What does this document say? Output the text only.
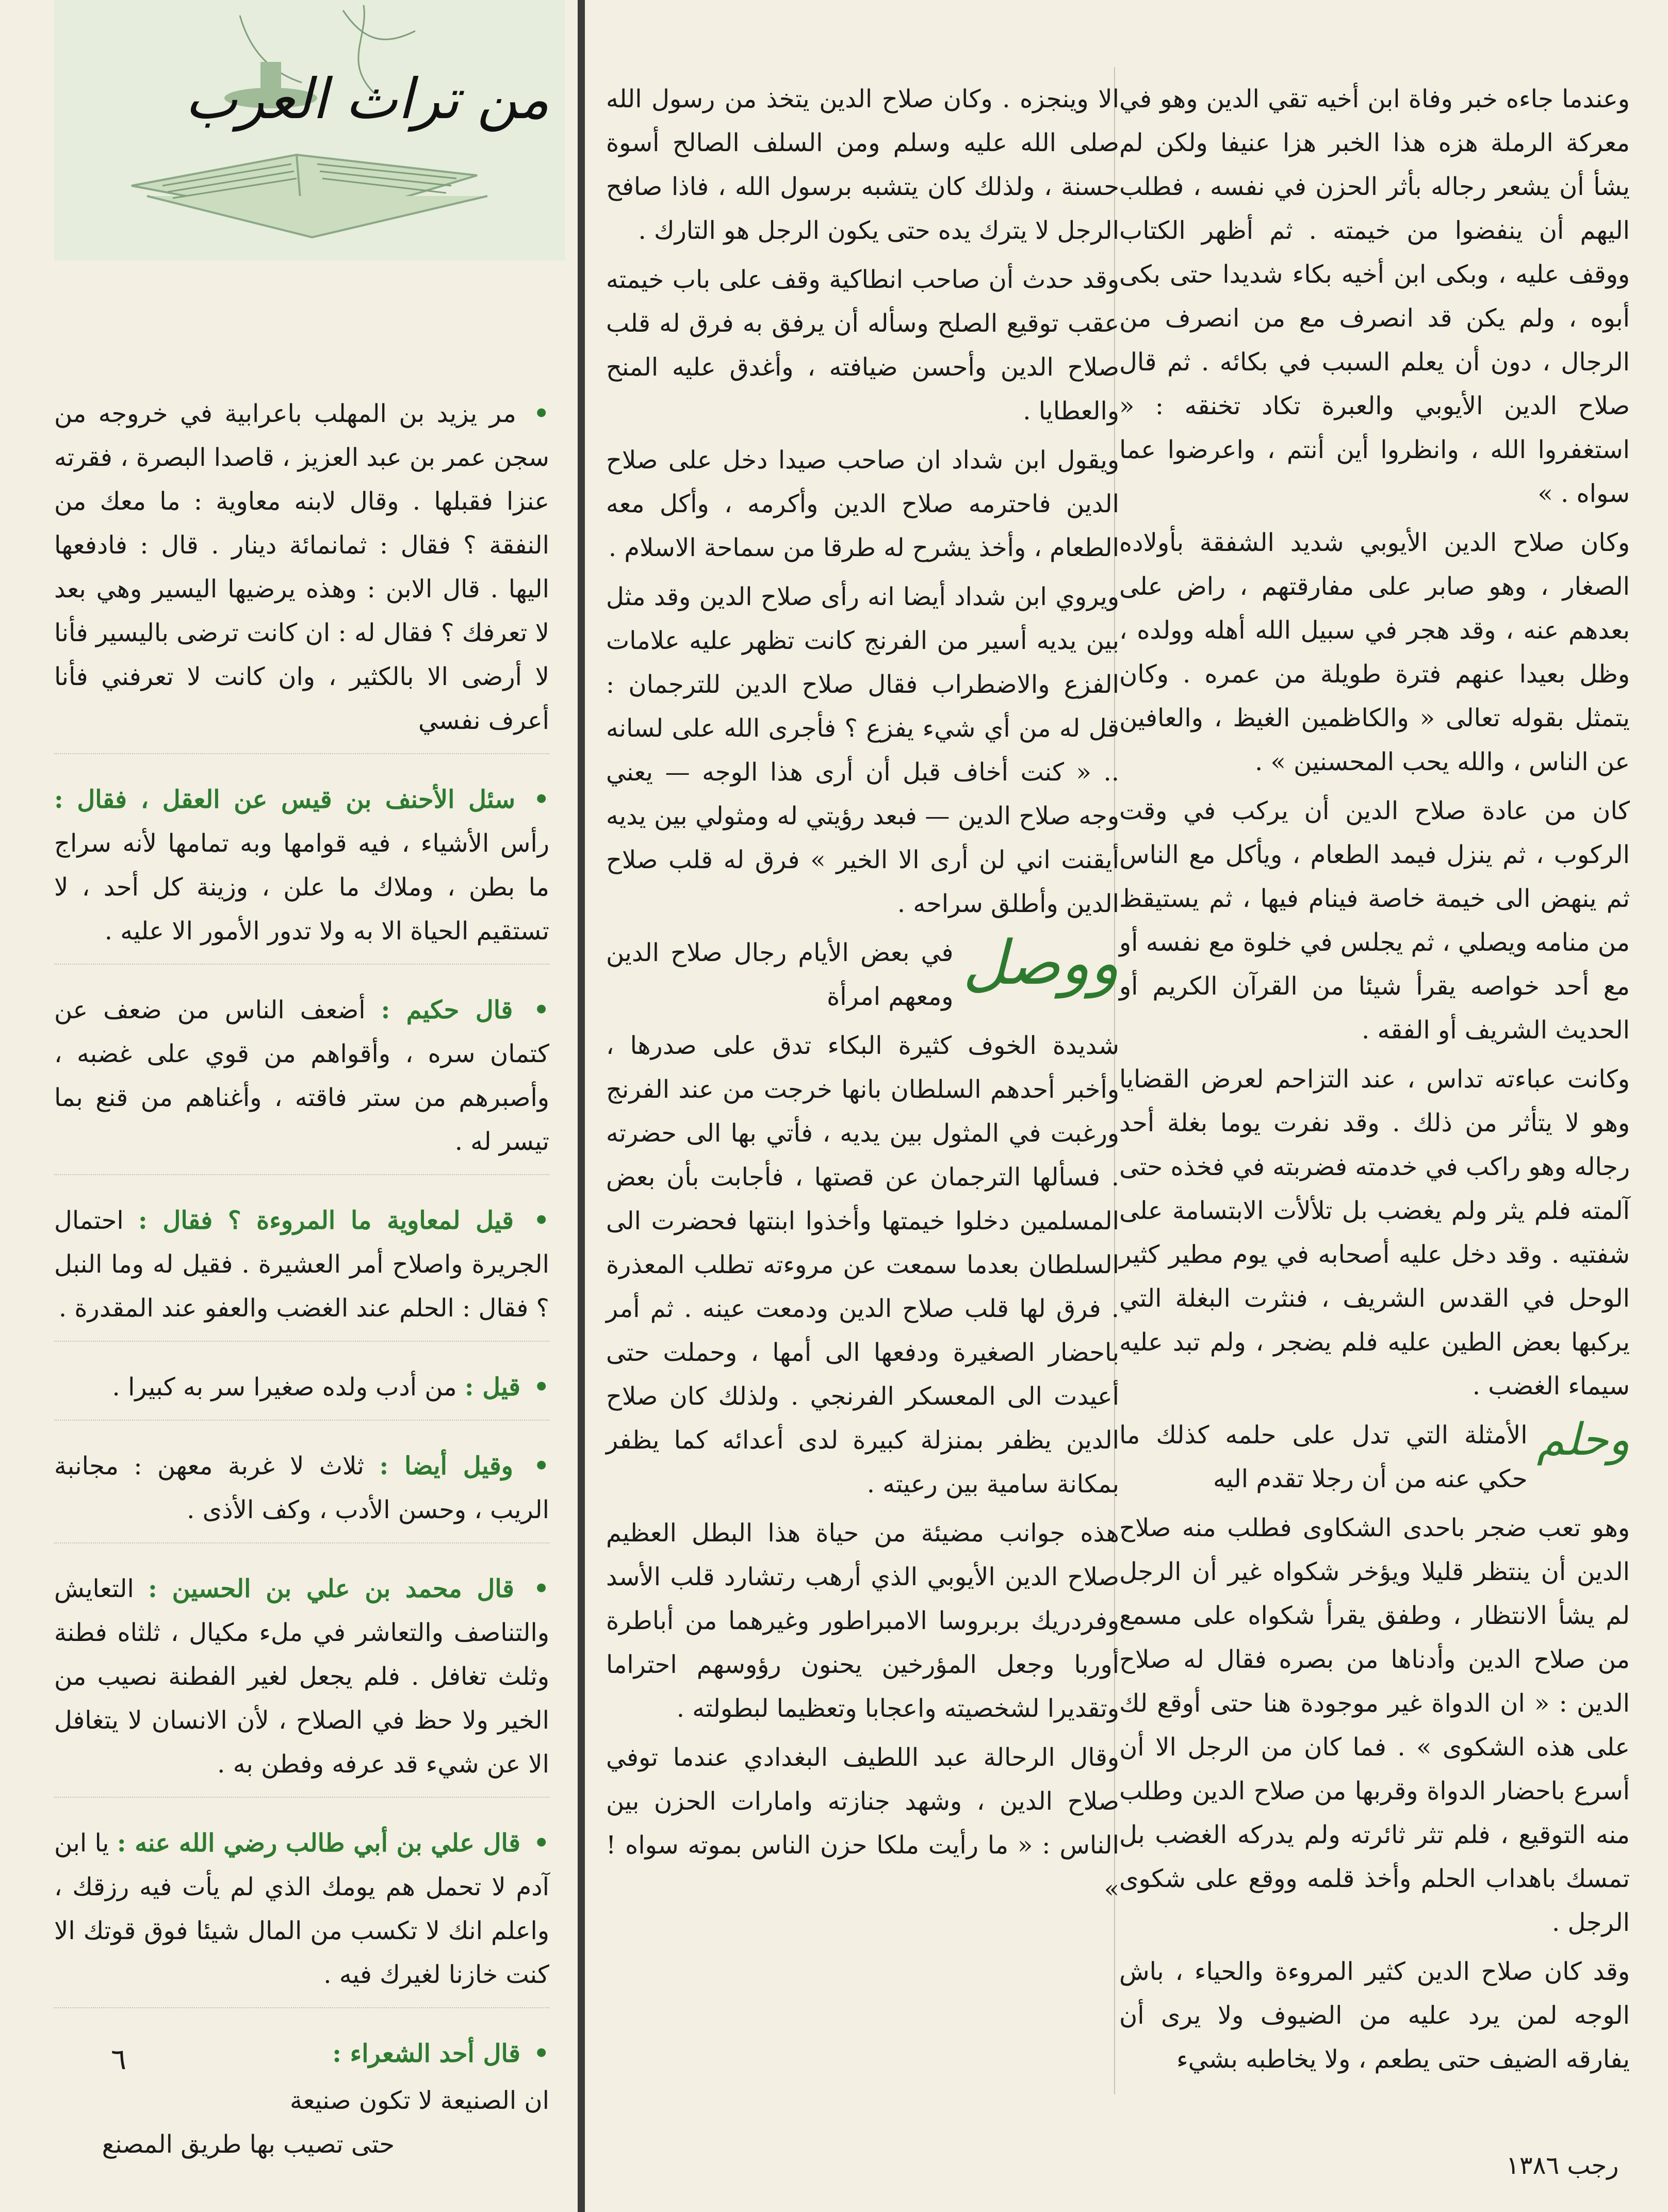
من تراث العرب	وعندما جاءه خبر وفاة ابن أخيه تقي الدين وهو في معركة الرملة هزه هذا الخبر هزا عنيفا ولكن لم يشأ أن يشعر رجاله بأثر الحزن في نفسه ، فطلب اليهم أن ينفضوا من خيمته . ثم أظهر الكتاب ووقف عليه ، وبكى ابن أخيه بكاء شديدا حتى بكى أبوه ، ولم يكن قد انصرف مع من انصرف من الرجال ، دون أن يعلم السبب في بكائه . ثم قال صلاح الدين الأيوبي والعبرة تكاد تخنقه : « استغفروا الله ، وانظروا أين أنتم ، واعرضوا عما سواه . »

وكان صلاح الدين الأيوبي شديد الشفقة بأولاده الصغار ، وهو صابر على مفارقتهم ، راض على بعدهم عنه ، وقد هجر في سبيل الله أهله وولده ، وظل بعيدا عنهم فترة طويلة من عمره . وكان يتمثل بقوله تعالى « والكاظمين الغيظ ، والعافين عن الناس ، والله يحب المحسنين » .

كان من عادة صلاح الدين أن يركب في وقت الركوب ، ثم ينزل فيمد الطعام ، ويأكل مع الناس ثم ينهض الى خيمة خاصة فينام فيها ، ثم يستيقظ من منامه ويصلي ، ثم يجلس في خلوة مع نفسه أو مع أحد خواصه يقرأ شيئا من القرآن الكريم أو الحديث الشريف أو الفقه .

وكانت عباءته تداس ، عند التزاحم لعرض القضايا وهو لا يتأثر من ذلك . وقد نفرت يوما بغلة أحد رجاله وهو راكب في خدمته فضربته في فخذه حتى آلمته فلم يثر ولم يغضب بل تلألأت الابتسامة على شفتيه . وقد دخل عليه أصحابه في يوم مطير كثير الوحل في القدس الشريف ، فنثرت البغلة التي يركبها بعض الطين عليه فلم يضجر ، ولم تبد عليه سيماء الغضب .

وحلم
الأمثلة التي تدل على حلمه كذلك ما حكي عنه من أن رجلا تقدم اليه

وهو تعب ضجر باحدى الشكاوى فطلب منه صلاح الدين أن ينتظر قليلا ويؤخر شكواه غير أن الرجل لم يشأ الانتظار ، وطفق يقرأ شكواه على مسمع من صلاح الدين وأدناها من بصره فقال له صلاح الدين : « ان الدواة غير موجودة هنا حتى أوقع لك على هذه الشكوى » . فما كان من الرجل الا أن أسرع باحضار الدواة وقربها من صلاح الدين وطلب منه التوقيع ، فلم تثر ثائرته ولم يدركه الغضب بل تمسك باهداب الحلم وأخذ قلمه ووقع على شكوى الرجل .

وقد كان صلاح الدين كثير المروءة والحياء ، باش الوجه لمن يرد عليه من الضيوف ولا يرى أن يفارقه الضيف حتى يطعم ، ولا يخاطبه بشيء

الا وينجزه . وكان صلاح الدين يتخذ من رسول الله صلى الله عليه وسلم ومن السلف الصالح أسوة حسنة ، ولذلك كان يتشبه برسول الله ، فاذا صافح الرجل لا يترك يده حتى يكون الرجل هو التارك .

وقد حدث أن صاحب انطاكية وقف على باب خيمته عقب توقيع الصلح وسأله أن يرفق به فرق له قلب صلاح الدين وأحسن ضيافته ، وأغدق عليه المنح والعطايا .

ويقول ابن شداد ان صاحب صيدا دخل على صلاح الدين فاحترمه صلاح الدين وأكرمه ، وأكل معه الطعام ، وأخذ يشرح له طرقا من سماحة الاسلام .

ويروي ابن شداد أيضا انه رأى صلاح الدين وقد مثل بين يديه أسير من الفرنج كانت تظهر عليه علامات الفزع والاضطراب فقال صلاح الدين للترجمان : قل له من أي شيء يفزع ؟ فأجرى الله على لسانه .. « كنت أخاف قبل أن أرى هذا الوجه — يعني وجه صلاح الدين — فبعد رؤيتي له ومثولي بين يديه أيقنت اني لن أرى الا الخير » فرق له قلب صلاح الدين وأطلق سراحه .

ووصل
في بعض الأيام رجال صلاح الدين ومعهم امرأة

شديدة الخوف كثيرة البكاء تدق على صدرها ، وأخبر أحدهم السلطان بانها خرجت من عند الفرنج ورغبت في المثول بين يديه ، فأتي بها الى حضرته . فسألها الترجمان عن قصتها ، فأجابت بأن بعض المسلمين دخلوا خيمتها وأخذوا ابنتها فحضرت الى السلطان بعدما سمعت عن مروءته تطلب المعذرة . فرق لها قلب صلاح الدين ودمعت عينه . ثم أمر باحضار الصغيرة ودفعها الى أمها ، وحملت حتى أعيدت الى المعسكر الفرنجي . ولذلك كان صلاح الدين يظفر بمنزلة كبيرة لدى أعدائه كما يظفر بمكانة سامية بين رعيته .

هذه جوانب مضيئة من حياة هذا البطل العظيم صلاح الدين الأيوبي الذي أرهب رتشارد قلب الأسد وفردريك بربروسا الامبراطور وغيرهما من أباطرة أوربا وجعل المؤرخين يحنون رؤوسهم احتراما وتقديرا لشخصيته واعجابا وتعظيما لبطولته .

وقال الرحالة عبد اللطيف البغدادي عندما توفي صلاح الدين ، وشهد جنازته وامارات الحزن بين الناس : « ما رأيت ملكا حزن الناس بموته سواه ! »

• مر يزيد بن المهلب باعرابية في خروجه من سجن عمر بن عبد العزيز ، قاصدا البصرة ، فقرته عنزا فقبلها . وقال لابنه معاوية : ما معك من النفقة ؟ فقال : ثمانمائة دينار . قال : فادفعها اليها . قال الابن : وهذه يرضيها اليسير وهي بعد لا تعرفك ؟ فقال له : ان كانت ترضى باليسير فأنا لا أرضى الا بالكثير ، وان كانت لا تعرفني فأنا أعرف نفسي

• سئل الأحنف بن قيس عن العقل ، فقال : رأس الأشياء ، فيه قوامها وبه تمامها لأنه سراج ما بطن ، وملاك ما علن ، وزينة كل أحد ، لا تستقيم الحياة الا به ولا تدور الأمور الا عليه .

• قال حكيم : أضعف الناس من ضعف عن كتمان سره ، وأقواهم من قوي على غضبه ، وأصبرهم من ستر فاقته ، وأغناهم من قنع بما تيسر له .

• قيل لمعاوية ما المروءة ؟ فقال : احتمال الجريرة واصلاح أمر العشيرة . فقيل له وما النبل ؟ فقال : الحلم عند الغضب والعفو عند المقدرة .

• قيل : من أدب ولده صغيرا سر به كبيرا .

• وقيل أيضا : ثلاث لا غربة معهن : مجانبة الريب ، وحسن الأدب ، وكف الأذى .

• قال محمد بن علي بن الحسين : التعايش والتناصف والتعاشر في ملء مكيال ، ثلثاه فطنة وثلث تغافل . فلم يجعل لغير الفطنة نصيب من الخير ولا حظ في الصلاح ، لأن الانسان لا يتغافل الا عن شيء قد عرفه وفطن به .

• قال علي بن أبي طالب رضي الله عنه : يا ابن آدم لا تحمل هم يومك الذي لم يأت فيه رزقك ، واعلم انك لا تكسب من المال شيئا فوق قوتك الا كنت خازنا لغيرك فيه .

• قال أحد الشعراء :

ان الصنيعة لا تكون صنيعة
حتى تصيب بها طريق المصنع
٦
رجب ١٣٨٦
